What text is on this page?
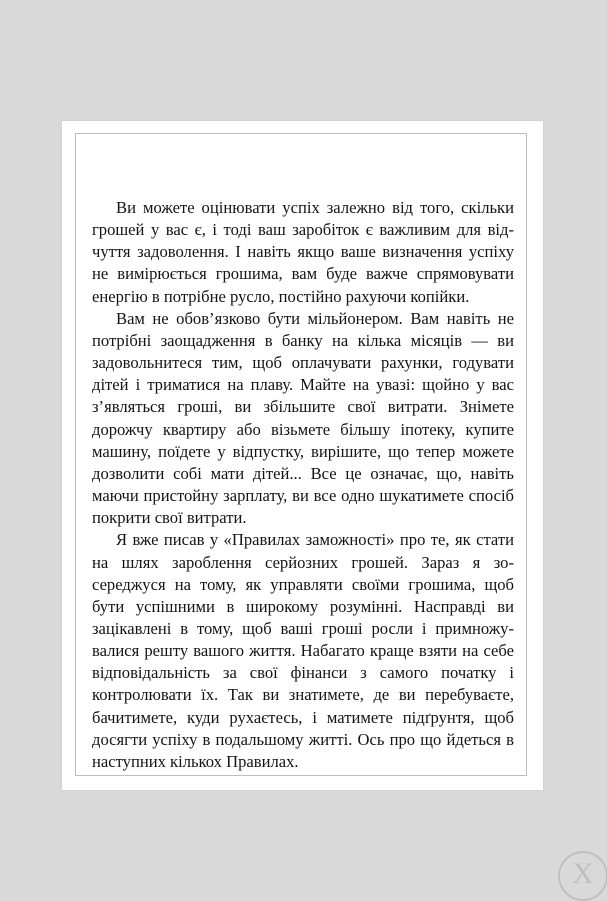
Ви можете оцінювати успіх залежно від того, скільки грошей у вас є, і тоді ваш заробіток є важливим для відчуття задоволення. І навіть якщо ваше визначення успіху не вимірюється грошима, вам буде важче спрямовувати енергію в потрібне русло, постійно рахуючи копійки.

Вам не обов’язково бути мільйонером. Вам навіть не потрібні заощадження в банку на кілька місяців — ви задовольнитеся тим, щоб оплачувати рахунки, годувати дітей і триматися на плаву. Майте на увазі: щойно у вас з’являться гроші, ви збільшите свої витрати. Знімете дорожчу квартиру або візьмете більшу іпотеку, купите машину, поїдете у відпустку, вирішите, що тепер можете дозволити собі мати дітей... Все це означає, що, навіть маючи пристойну зарплату, ви все одно шукатимете спосіб покрити свої витрати.

Я вже писав у «Правилах заможності» про те, як стати на шлях зароблення серйозних грошей. Зараз я зосереджуся на тому, як управляти своїми грошима, щоб бути успішними в широкому розумінні. Насправді ви зацікавлені в тому, щоб ваші гроші росли і примножувалися решту вашого життя. Набагато краще взяти на себе відповідальність за свої фінанси з самого початку і контролювати їх. Так ви знатимете, де ви перебуваєте, бачитимете, куди рухаєтесь, і матимете підґрунтя, щоб досягти успіху в подальшому житті. Ось про що йдеться в наступних кількох Правилах.

X
